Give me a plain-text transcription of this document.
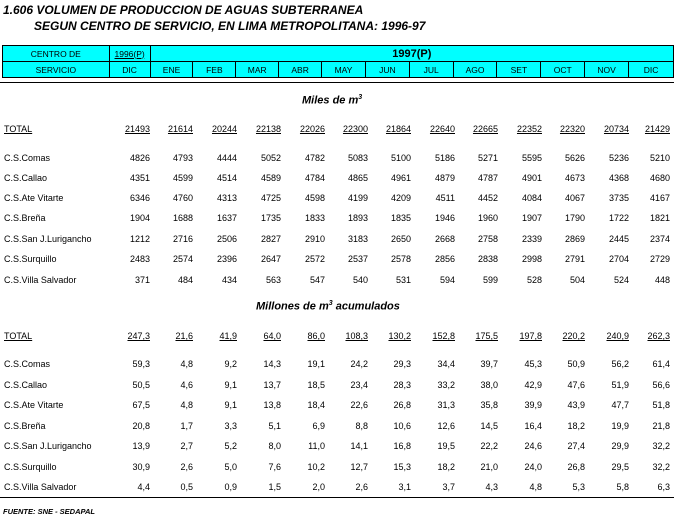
1.606 VOLUMEN DE PRODUCCION DE AGUAS SUBTERRANEA
SEGUN CENTRO DE SERVICIO, EN LIMA METROPOLITANA: 1996-97
CENTRO DE	1996(P)	1997(P)											
SERVICIO	DIC	ENE	FEB	MAR	ABR	MAY	JUN	JUL	AGO	SET	OCT	NOV	DIC
Miles de $m^3$
TOTAL	21493	21614	20244	22138	22026	22300	21864	22640	22665	22352	22320	20734	21429
C.S.Comas	4826	4793	4444	5052	4782	5083	5100	5186	5271	5595	5626	5236	5210
C.S.Callao	4351	4599	4514	4589	4784	4865	4961	4879	4787	4901	4673	4368	4680
C.S.Ate Vitarte	6346	4760	4313	4725	4598	4199	4209	4511	4452	4084	4067	3735	4167
C.S.Breña	1904	1688	1637	1735	1833	1893	1835	1946	1960	1907	1790	1722	1821
C.S.San J.Lurigancho	1212	2716	2506	2827	2910	3183	2650	2668	2758	2339	2869	2445	2374
C.S.Surquillo	2483	2574	2396	2647	2572	2537	2578	2856	2838	2998	2791	2704	2729
C.S.Villa Salvador	371	484	434	563	547	540	531	594	599	528	504	524	448
Millones de $m^3$ acumulados
TOTAL	247,3	21,6	41,9	64,0	86,0	108,3	130,2	152,8	175,5	197,8	220,2	240,9	262,3
C.S.Comas	59,3	4,8	9,2	14,3	19,1	24,2	29,3	34,4	39,7	45,3	50,9	56,2	61,4
C.S.Callao	50,5	4,6	9,1	13,7	18,5	23,4	28,3	33,2	38,0	42,9	47,6	51,9	56,6
C.S.Ate Vitarte	67,5	4,8	9,1	13,8	18,4	22,6	26,8	31,3	35,8	39,9	43,9	47,7	51,8
C.S.Breña	20,8	1,7	3,3	5,1	6,9	8,8	10,6	12,6	14,5	16,4	18,2	19,9	21,8
C.S.San J.Lurigancho	13,9	2,7	5,2	8,0	11,0	14,1	16,8	19,5	22,2	24,6	27,4	29,9	32,2
C.S.Surquillo	30,9	2,6	5,0	7,6	10,2	12,7	15,3	18,2	21,0	24,0	26,8	29,5	32,2
C.S.Villa Salvador	4,4	0,5	0,9	1,5	2,0	2,6	3,1	3,7	4,3	4,8	5,3	5,8	6,3
FUENTE: SNE - SEDAPAL
